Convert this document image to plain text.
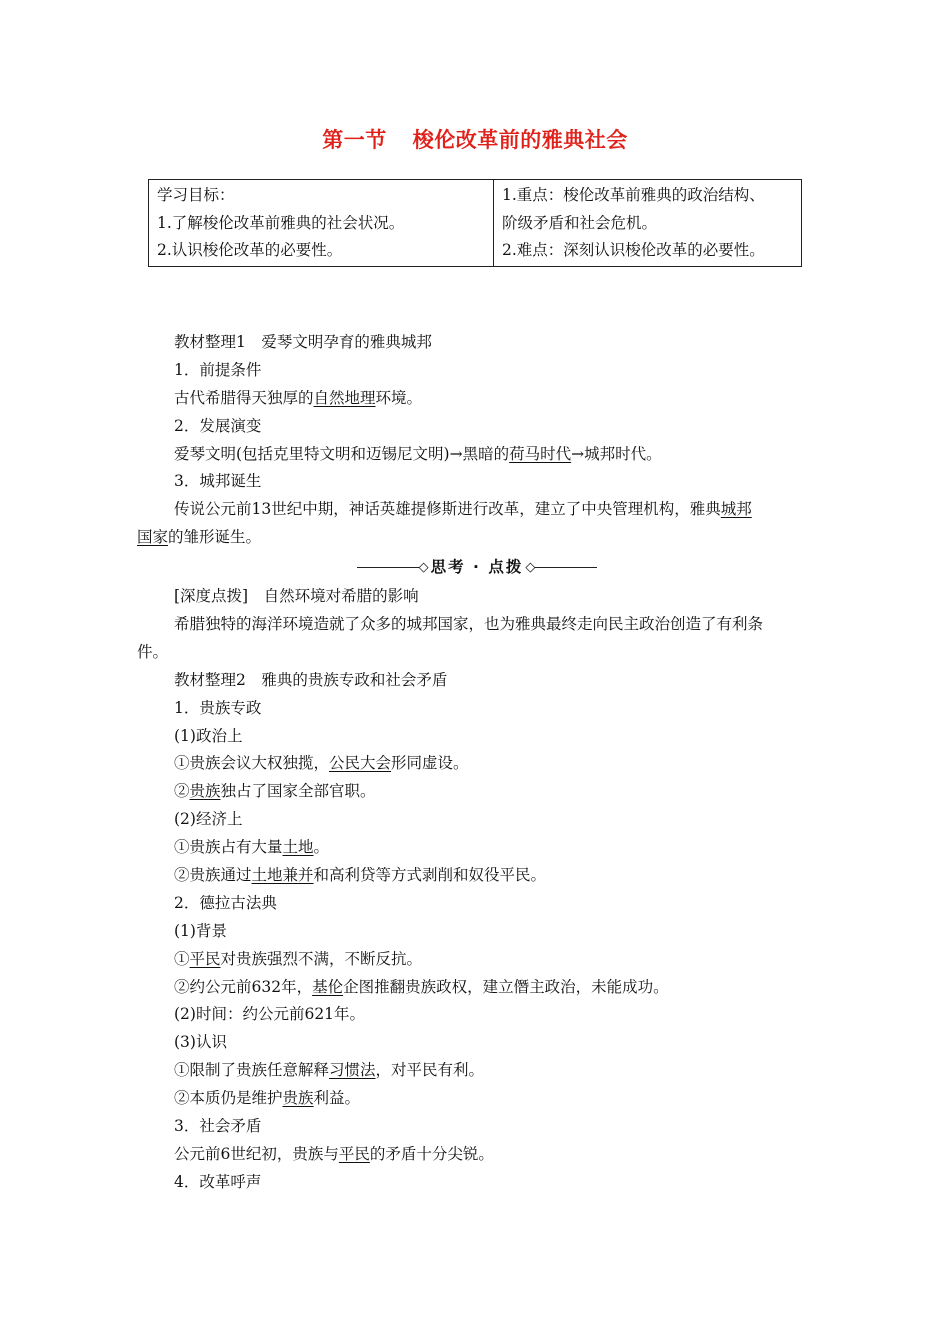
第一节 梭伦改革前的雅典社会
学习目标：
1.了解梭伦改革前雅典的社会状况。
2.认识梭伦改革的必要性。
1.重点：梭伦改革前雅典的政治结构、
阶级矛盾和社会危机。
2.难点：深刻认识梭伦改革的必要性。
教材整理1　爱琴文明孕育的雅典城邦
1．前提条件
古代希腊得天独厚的自然地理环境。
2．发展演变
爱琴文明(包括克里特文明和迈锡尼文明)→黑暗的荷马时代→城邦时代。
3．城邦诞生
传说公元前13世纪中期，神话英雄提修斯进行改革，建立了中央管理机构，雅典城邦
国家的雏形诞生。
◇ 思考 · 点拨 ◇
[深度点拨]　自然环境对希腊的影响
希腊独特的海洋环境造就了众多的城邦国家，也为雅典最终走向民主政治创造了有利条
件。
教材整理2　雅典的贵族专政和社会矛盾
1．贵族专政
(1)政治上
①贵族会议大权独揽，公民大会形同虚设。
②贵族独占了国家全部官职。
(2)经济上
①贵族占有大量土地。
②贵族通过土地兼并和高利贷等方式剥削和奴役平民。
2．德拉古法典
(1)背景
①平民对贵族强烈不满，不断反抗。
②约公元前632年，基伦企图推翻贵族政权，建立僭主政治，未能成功。
(2)时间：约公元前621年。
(3)认识
①限制了贵族任意解释习惯法，对平民有利。
②本质仍是维护贵族利益。
3．社会矛盾
公元前6世纪初，贵族与平民的矛盾十分尖锐。
4．改革呼声
